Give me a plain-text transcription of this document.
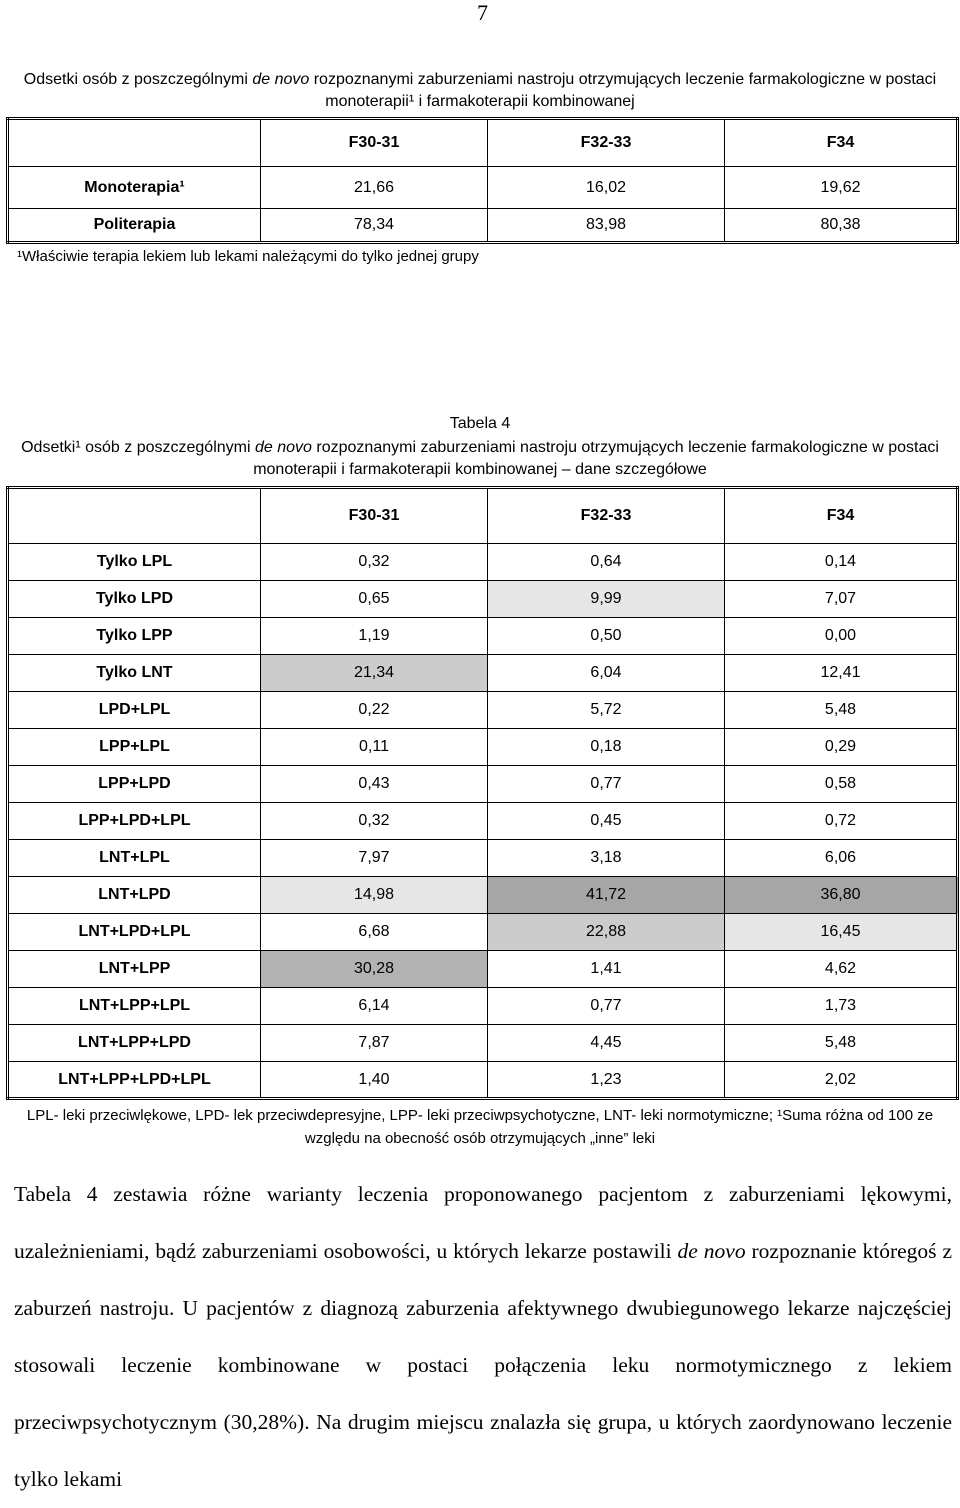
7
Odsetki osób z poszczególnymi de novo rozpoznanymi zaburzeniami nastroju otrzymujących leczenie farmakologiczne w postaci monoterapii¹ i farmakoterapii kombinowanej
	F30-31	F32-33	F34
Monoterapia¹	21,66	16,02	19,62
Politerapia	78,34	83,98	80,38
¹Właściwie terapia lekiem lub lekami należącymi do tylko jednej grupy
Tabela 4
Odsetki¹ osób z poszczególnymi de novo rozpoznanymi zaburzeniami nastroju otrzymujących leczenie farmakologiczne w postaci monoterapii i farmakoterapii kombinowanej – dane szczegółowe
	F30-31	F32-33	F34
Tylko LPL	0,32	0,64	0,14
Tylko LPD	0,65	9,99	7,07
Tylko LPP	1,19	0,50	0,00
Tylko LNT	21,34	6,04	12,41
LPD+LPL	0,22	5,72	5,48
LPP+LPL	0,11	0,18	0,29
LPP+LPD	0,43	0,77	0,58
LPP+LPD+LPL	0,32	0,45	0,72
LNT+LPL	7,97	3,18	6,06
LNT+LPD	14,98	41,72	36,80
LNT+LPD+LPL	6,68	22,88	16,45
LNT+LPP	30,28	1,41	4,62
LNT+LPP+LPL	6,14	0,77	1,73
LNT+LPP+LPD	7,87	4,45	5,48
LNT+LPP+LPD+LPL	1,40	1,23	2,02
LPL- leki przeciwlękowe, LPD- lek przeciwdepresyjne, LPP- leki przeciwpsychotyczne, LNT- leki normotymiczne; ¹Suma różna od 100 ze względu na obecność osób otrzymujących „inne” leki
Tabela 4 zestawia różne warianty leczenia proponowanego pacjentom z zaburzeniami lękowymi, uzależnieniami, bądź zaburzeniami osobowości, u których lekarze postawili de novo rozpoznanie któregoś z zaburzeń nastroju. U pacjentów z diagnozą zaburzenia afektywnego dwubiegunowego lekarze najczęściej stosowali leczenie kombinowane w postaci połączenia leku normotymicznego z lekiem przeciwpsychotycznym (30,28%). Na drugim miejscu znalazła się grupa, u których zaordynowano leczenie tylko lekami
